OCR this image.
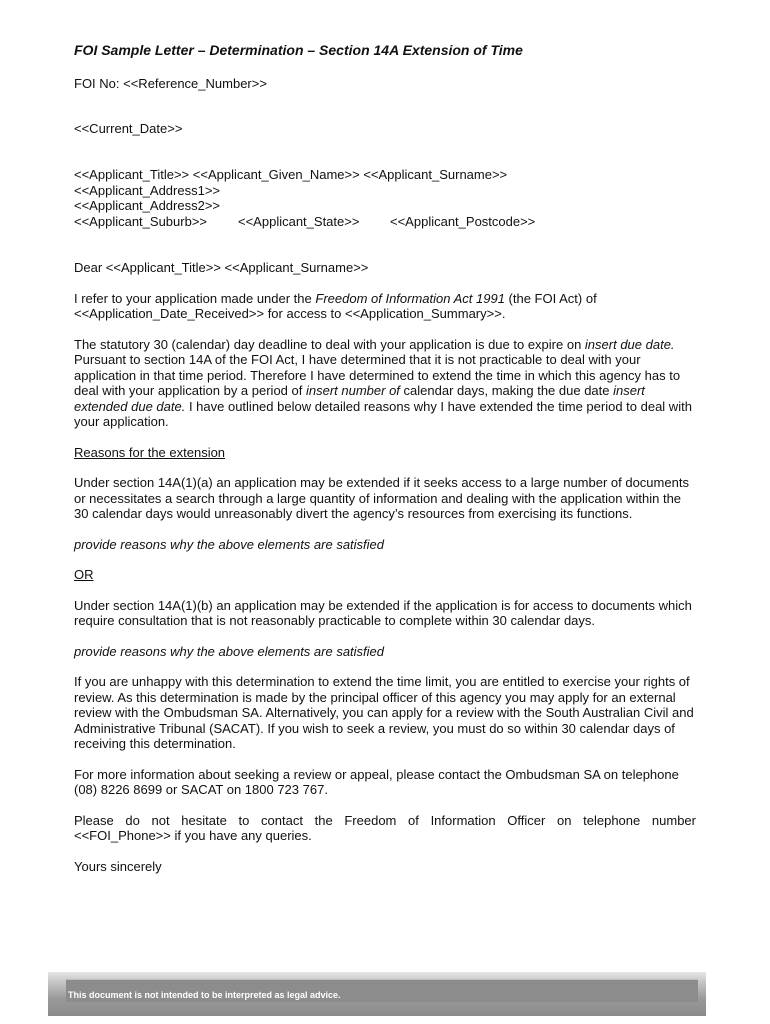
FOI Sample Letter – Determination – Section 14A Extension of Time

FOI No: <<Reference_Number>>

<<Current_Date>>

<<Applicant_Title>> <<Applicant_Given_Name>> <<Applicant_Surname>>
<<Applicant_Address1>>
<<Applicant_Address2>>
<<Applicant_Suburb>> <<Applicant_State>> <<Applicant_Postcode>>

Dear <<Applicant_Title>> <<Applicant_Surname>>

I refer to your application made under the Freedom of Information Act 1991 (the FOI Act) of <<Application_Date_Received>> for access to <<Application_Summary>>.

The statutory 30 (calendar) day deadline to deal with your application is due to expire on insert due date. Pursuant to section 14A of the FOI Act, I have determined that it is not practicable to deal with your application in that time period. Therefore I have determined to extend the time in which this agency has to deal with your application by a period of insert number of calendar days, making the due date insert extended due date. I have outlined below detailed reasons why I have extended the time period to deal with your application.

Reasons for the extension

Under section 14A(1)(a) an application may be extended if it seeks access to a large number of documents or necessitates a search through a large quantity of information and dealing with the application within the 30 calendar days would unreasonably divert the agency’s resources from exercising its functions.

provide reasons why the above elements are satisfied

OR

Under section 14A(1)(b) an application may be extended if the application is for access to documents which require consultation that is not reasonably practicable to complete within 30 calendar days.

provide reasons why the above elements are satisfied

If you are unhappy with this determination to extend the time limit, you are entitled to exercise your rights of review. As this determination is made by the principal officer of this agency you may apply for an external review with the Ombudsman SA. Alternatively, you can apply for a review with the South Australian Civil and Administrative Tribunal (SACAT). If you wish to seek a review, you must do so within 30 calendar days of receiving this determination.

For more information about seeking a review or appeal, please contact the Ombudsman SA on telephone (08) 8226 8699 or SACAT on 1800 723 767.

Please do not hesitate to contact the Freedom of Information Officer on telephone number
<<FOI_Phone>> if you have any queries.

Yours sincerely

This document is not intended to be interpreted as legal advice.
